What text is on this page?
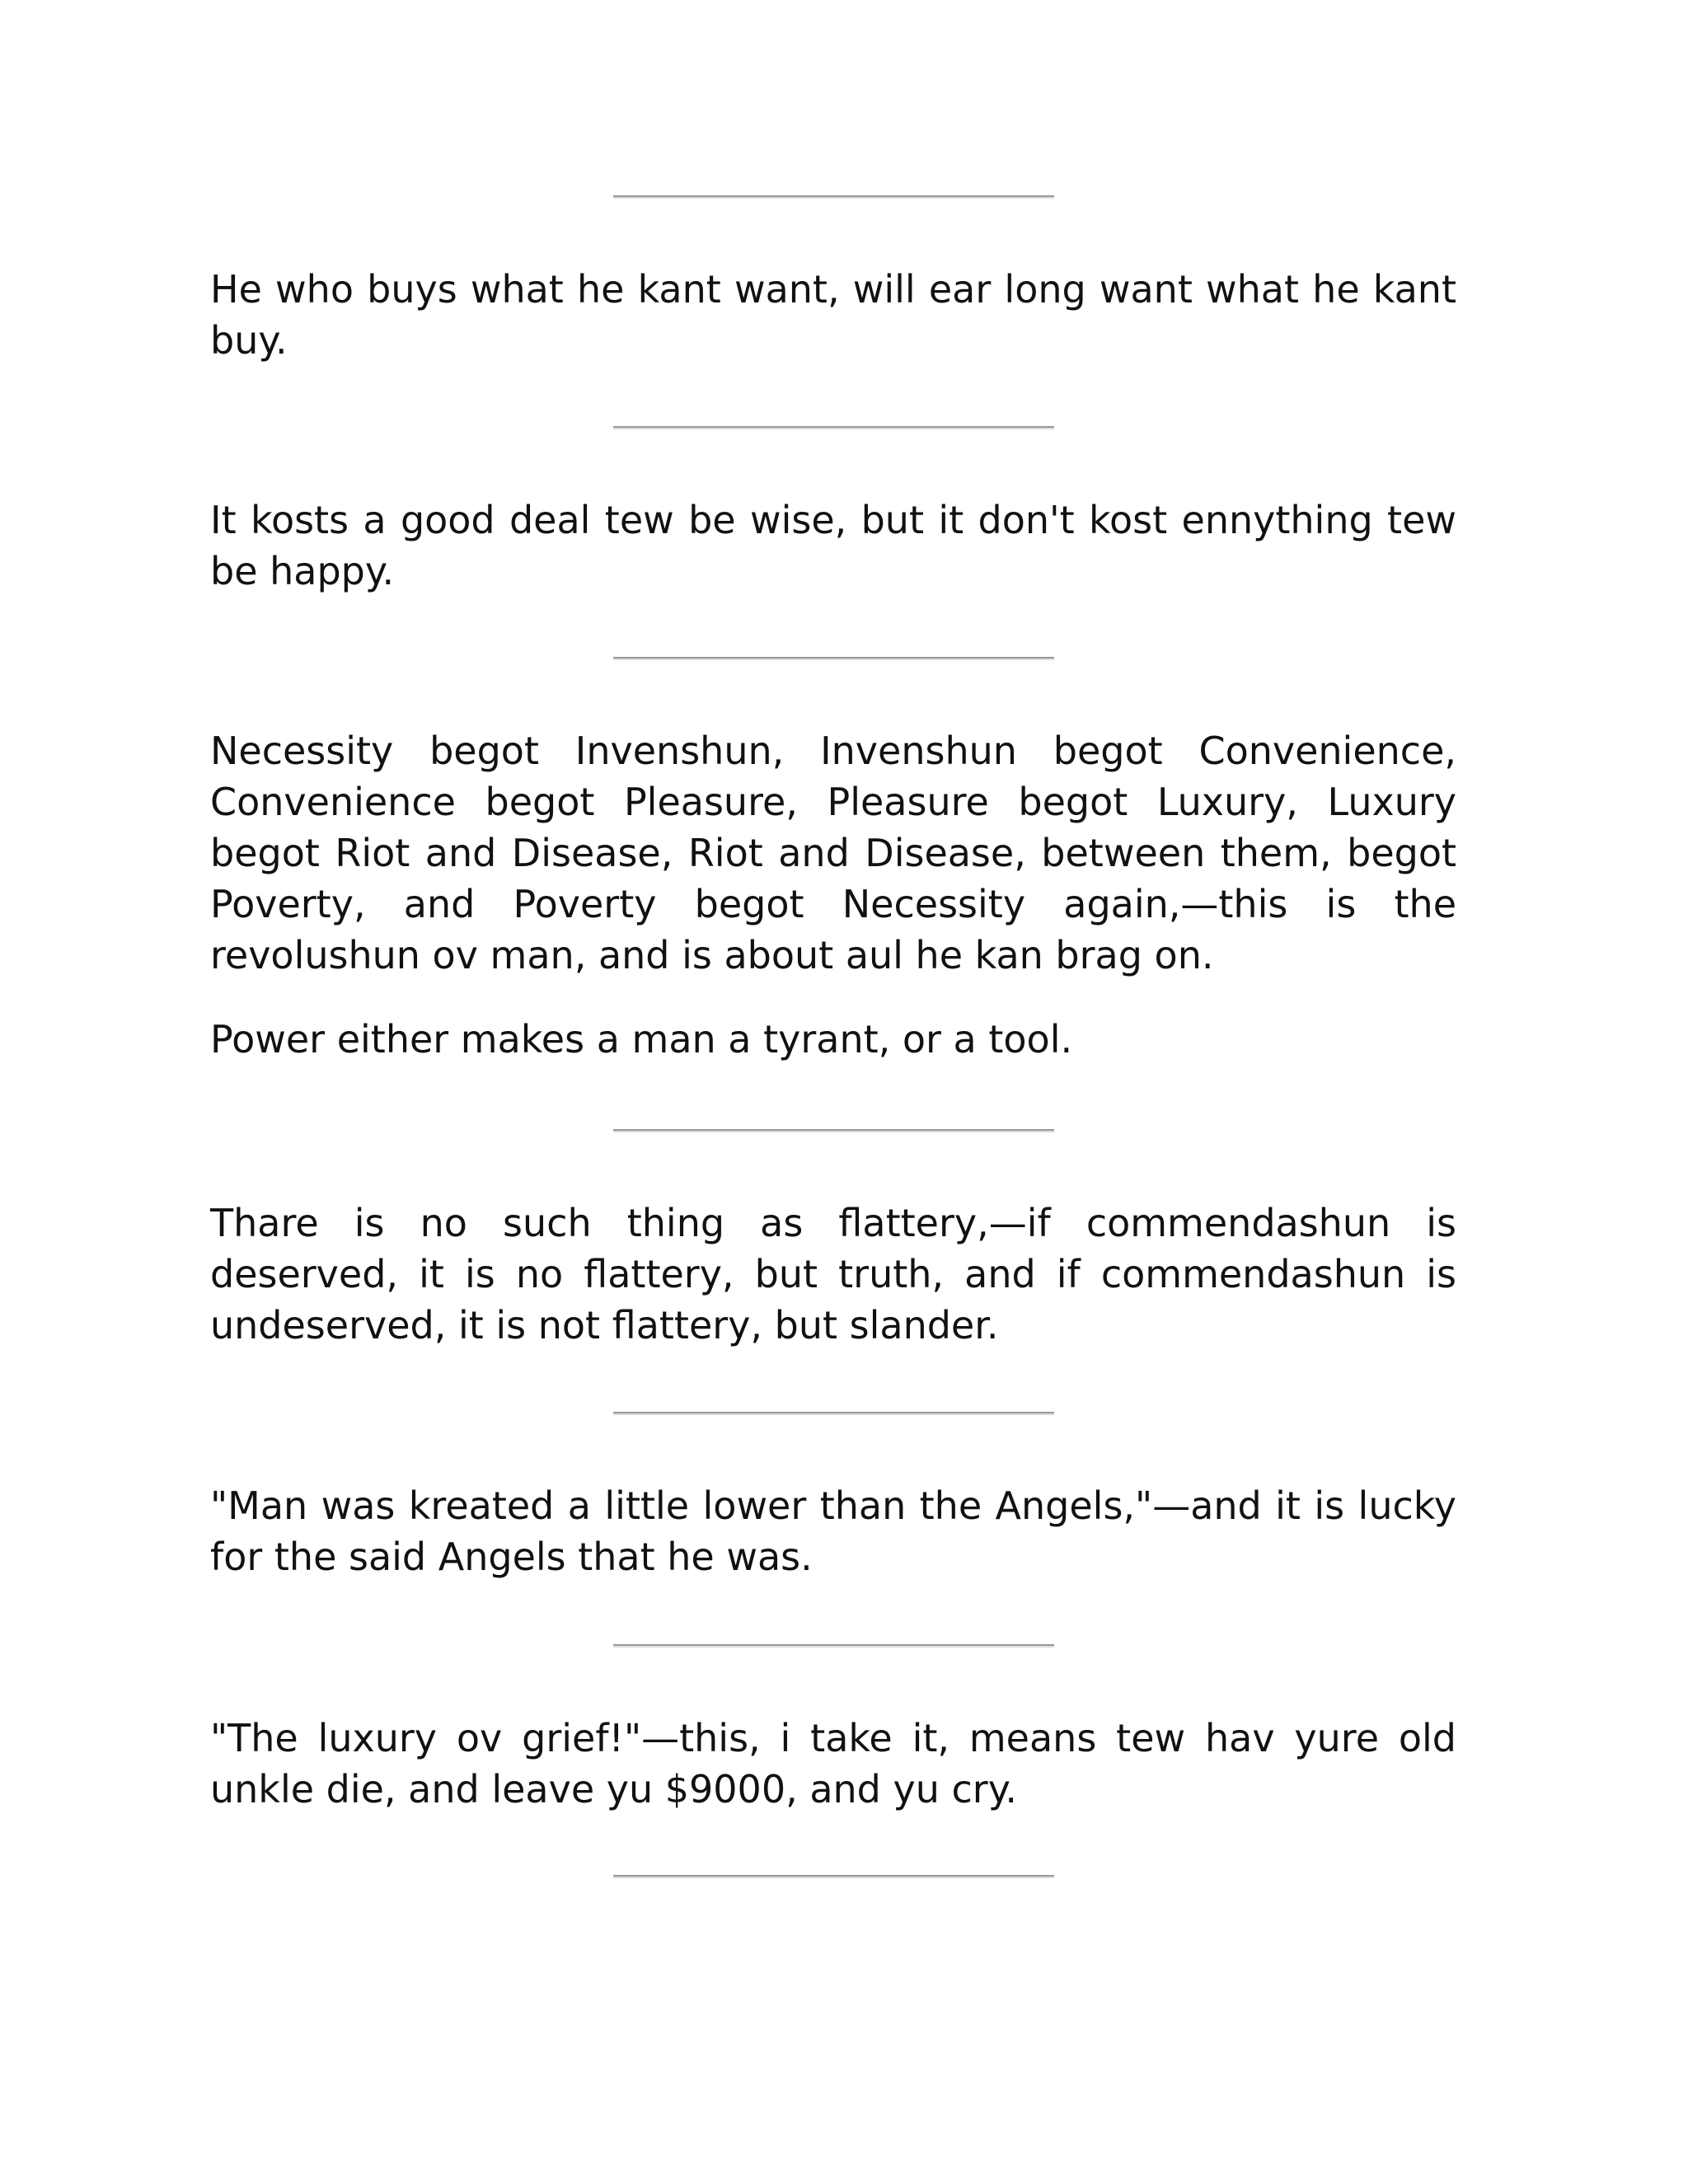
He who buys what he kant want, will ear long want what he kant buy.

It kosts a good deal tew be wise, but it don't kost ennything tew be happy.

Necessity begot Invenshun, Invenshun begot Convenience, Convenience begot Pleasure, Pleasure begot Luxury, Luxury begot Riot and Disease, Riot and Disease, between them, begot Poverty, and Poverty begot Necessity again,—this is the revolushun ov man, and is about aul he kan brag on.

Power either makes a man a tyrant, or a tool.

Thare is no such thing as flattery,—if commendashun is deserved, it is no flattery, but truth, and if commendashun is undeserved, it is not flattery, but slander.

"Man was kreated a little lower than the Angels,"—and it is lucky for the said Angels that he was.

"The luxury ov grief!"—this, i take it, means tew hav yure old unkle die, and leave yu $9000, and yu cry.
